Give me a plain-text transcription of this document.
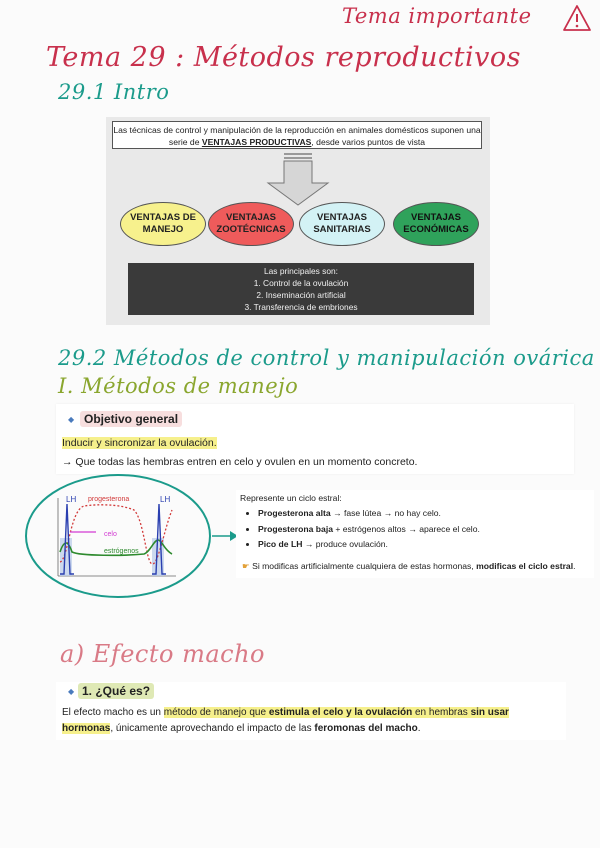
Tema importante
Tema 29 : Métodos reproductivos
29.1 Intro
Las técnicas de control y manipulación de la reproducción en animales domésticos suponen una
serie de VENTAJAS PRODUCTIVAS, desde varios puntos de vista
VENTAJAS DE
MANEJO
VENTAJAS
ZOOTÉCNICAS
VENTAJAS
SANITARIAS
VENTAJAS
ECONÓMICAS
Las principales son:
1. Control de la ovulación
2. Inseminación artificial
3. Transferencia de embriones
29.2 Métodos de control y manipulación ovárica
I. Métodos de manejo
◆ Objetivo general
Inducir y sincronizar la ovulación.
→ Que todas las hembras entren en celo y ovulen en un momento concreto.
LH	LH
progesterona
celo
estrógenos
Represente un ciclo estral:
• Progesterona alta → fase lútea → no hay celo.
• Progesterona baja + estrógenos altos → aparece el celo.
• Pico de LH → produce ovulación.
☛ Si modificas artificialmente cualquiera de estas hormonas, modificas el ciclo estral.
a) Efecto macho
◆ 1. ¿Qué es?
El efecto macho es un método de manejo que estimula el celo y la ovulación en hembras sin usar
hormonas, únicamente aprovechando el impacto de las feromonas del macho.
